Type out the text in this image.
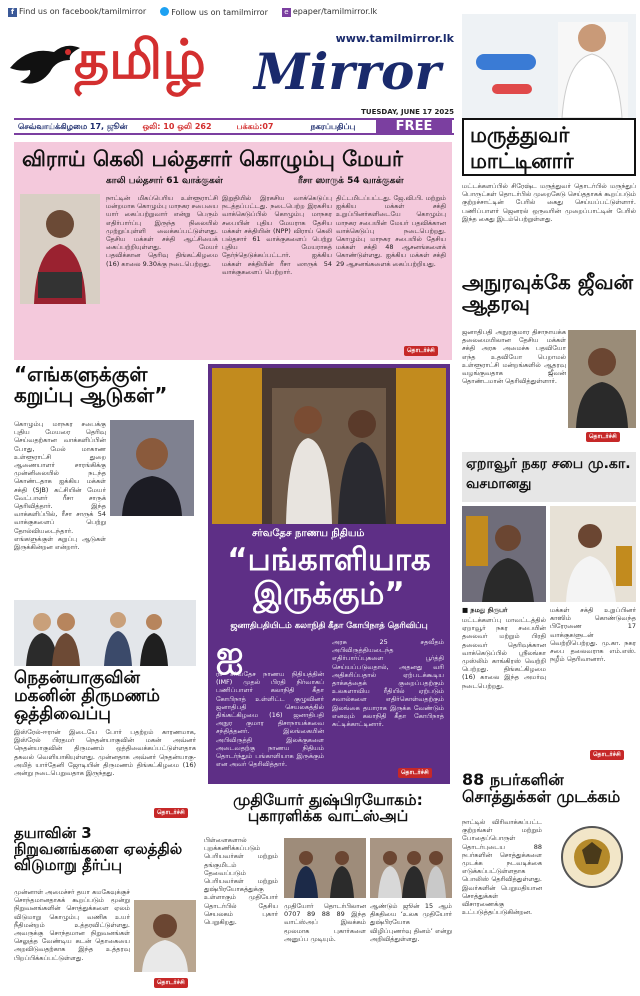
f Find us on facebook/tamilmirror	Follow us on tamilmirror	e epaper/tamilmirror.lk
தமிழ்	www.tamilmirror.lk
Mirror
TUESDAY, JUNE 17 2025
செவ்வாய்க்கிழமை 17, ஜூன்	ஒலி: 10 ஒலி 262	பக்கம்:07	நகரப்பதிப்பு	FREE
விராய் கெலி பல்தசார் கொழும்பு மேயர்
காலி பல்தசார் 61 வாக்குகள்	ரீசா ஸாருக் 54 வாக்குகள்
நாட்டின் மிகப்பெரிய உள்ளூராட்சி மன்றமாக கொழும்பு மாநகர சபையை யார் கைப்பற்றுவார் என்று பெரும் எதிர்பார்ப்பு இருந்த நிலையில் முற்றுப்புள்ளி வைக்கப்பட்டுள்ளது. தேசிய மக்கள் சக்தி ஆட்சியைக் கைப்பற்றியுள்ளது. மேயர் பதவிக்கான தெரிவு திங்கட்கிழமை (16) காலை 9.30க்கு நடைபெற்றது.
இறுதியில் இரகசிய வாக்கெடுப்பு நடத்தப்பட்டது. நடைபெற்ற இரகசிய வாக்கெடுப்பில் கொழும்பு மாநகர சபையின் புதிய மேயராக தேசிய மக்கள் சக்தியின் (NPP) விராய் கெலி பல்தசார் 61 வாக்குகளைப் பெற்று புதிய மேயராகத் தேர்ந்தெடுக்கப்பட்டார். ஐக்கிய மக்கள் சக்தியின் ரீசா ஸாருக் 54 வாக்குகளைப் பெற்றார்.
திட்டமிடப்பட்டது. ஜே.வி.பி. மற்றும் ஐக்கிய மக்கள் சக்தி உறுப்பினர்களிடையே கொழும்பு மாநகர சபையின் மேயர் பதவிக்கான வாக்கெடுப்பு நடைபெற்றது. கொழும்பு மாநகர சபையில் தேசிய மக்கள் சக்தி 48 ஆசனங்களைக் கொண்டுள்ளது. ஐக்கிய மக்கள் சக்தி 29 ஆசனங்களைக் கைப்பற்றியது.
தொடர்ச்சி
“எங்களுக்குள் கறுப்பு ஆடுகள்”
கொழும்பு மாநகர சபைக்கு புதிய மேயரை தெரிவு செய்வதற்கான வாக்களிப்பின் போது, மேல் மாகாண உள்ளூராட்சி துறை ஆணையாளர் சாரங்கிக்கு முன்னிலையில் நடந்த கொண்டதாக ஐக்கிய மக்கள் சக்தி (SJB) கட்சியின் மேயர் வேட்பாளர் ரீசா சாருக் தெரிவித்தார். இந்த வாக்களிப்பில், ரீசா சாருக் 54 வாக்குகளைப் பெற்று தோல்வியடைந்தார். எங்களுக்குள் கறுப்பு ஆடுகள் இருக்கின்றன என்றார்.
சர்வதேச நாணய நிதியம்
“பங்காளியாக
இருக்கும்”
ஜனாதிபதியிடம் கலாநிதி கீதா கோபிநாத் தெரிவிப்பு
ஐ
ரச சர்வதேச நாணய நிதியத்தின் (IMF) முதல் பிரதி நிர்வாகப் பணிப்பாளர் கலாநிதி கீதா கோபிநாத் உள்ளிட்ட குழுவினர் ஜனாதிபதி செயலகத்தில் திங்கட்கிழமை (16) ஜனாதிபதி அநுர குமார திசாநாயக்கவை சந்தித்தனர். இலங்கையின் அபிவிருத்தி இலக்குகளை அடைவதற்கு நாணய நிதியம் தொடர்ந்தும் பங்காளியாக இருக்கும் என அவர் தெரிவித்தார்.
அரசு 25 சதவீதம் அபிவிருத்தியடைந்த எதிர்பார்ப்புகளை பூர்த்தி செய்யப்படுவதால், அதனது வரி அதிகரிப்பதால் ஏற்படக்கூடிய தாக்கத்தைக் குறைப்பதற்கும் உலகளாவிய ரீதியில் ஏற்படும் சவால்களை எதிர்கொள்வதற்கும் இலங்கை தயாராக இருக்க வேண்டும் எனவும் கலாநிதி கீதா கோபிநாத் சுட்டிக்காட்டினார்.
தொடர்ச்சி
நெதன்யாகுவின் மகனின் திருமணம் ஒத்திவைப்பு
இஸ்ரேல்-ஈரான் இடையே போர் பதற்றம் காரணமாக, இஸ்ரேல் பிரதமர் நெதன்யாகுவின் மகன் அவ்னர் நெதன்யாகுவின் திருமணம் ஒத்திவைக்கப்பட்டுள்ளதாக தகவல் வெளியாகியுள்ளது. முன்னதாக அவ்னர் நெதன்யாகு-அமித் யார்தேனி ஜோடியின் திருமணம் திங்கட்கிழமை (16) அன்று நடைபெறுவதாக இருந்தது.
தொடர்ச்சி
தயாவின் 3 நிறுவனங்களை ஏலத்தில் விடுமாறு தீர்ப்பு
முன்னாள் அமைச்சர் தயா கமகேவுக்குச் சொந்தமானதாகக் கூறப்படும் மூன்று நிறுவனங்களின் சொத்துக்களை ஏலம் விடுமாறு கொழும்பு வணிக உயர் நீதிமன்றம் உத்தரவிட்டுள்ளது. அவருக்கு சொந்தமான நிறுவனங்கள் செலுத்த வேண்டிய கடன் தொகையை அறவிடுவதற்காக இந்த உத்தரவு பிறப்பிக்கப்பட்டுள்ளது.
தொடர்ச்சி
முதியோர் துஷ்பிரயோகம்: புகாரளிக்க வாட்ஸ்அப்
பிள்ளைகளால் புறக்கணிக்கப்படும் பெரியவர்கள் மற்றும் தங்குமிடம் தேவைப்படும் பெரியவர்கள் மற்றும் துஷ்பிரயோகத்துக்கு உள்ளாகும் முதியோர் தொடர்பில் தேசிய செயலகம் புகார் பெறுகிறது.
முதியோர் தொடர்பிலான 0707 89 88 89 இந்த வாட்ஸ்அப் இலக்கம் மூலமாக புகார்களை அனுப்ப முடியும்.
ஆண்டும் ஜூன் 15 ஆம் திகதியை ‘உலக முதியோர் துஷ்பிரயோக விழிப்புணர்வு தினம்’ என்று அறிவித்துள்ளது.
மருத்துவர் மாட்டினார்
மட்டக்களப்பில் சிரேஷ்ட மருத்துவர் தொடர்பில் மருந்துப் பொருட்கள் தொடர்பில் முறைகேடு செய்ததாகக் கூறப்படும் குற்றச்சாட்டின் பேரில் கைது செய்யப்பட்டுள்ளார். பணிப்பாளர் ஜெனரல் ஒருவரின் முறைப்பாட்டின் பேரில் இந்த கைது இடம்பெற்றுள்ளது.
அநுரவுக்கே ஜீவன் ஆதரவு
ஜனாதிபதி அநுரகுமார திசாநாயக்க தலைமையிலான தேசிய மக்கள் சக்தி அரசு அமைச்சு பதவியோ எந்த உதவியோ பெறாமல் உள்ளூராட்சி மன்றங்களில் ஆதரவு வழங்குவதாக ஜீவன் தொண்டமான் தெரிவித்துள்ளார்.
தொடர்ச்சி
ஏறாவூர் நகர சபை மு.கா. வசமானது
■ நமது நிருபர்
மட்டக்களப்பு மாவட்டத்தில் ஏறாவூர் நகர சபையின் தலைவர் மற்றும் பிரதி தலைவர் தெரிவுக்கான வாக்கெடுப்பில் ஸ்ரீலங்கா முஸ்லிம் காங்கிரஸ் வெற்றி பெற்றது. திங்கட்கிழமை (16) காலை இந்த அமர்வு நடைபெற்றது.
மக்கள் சக்தி உறுப்பினர் காஸிம் கொண்டுவந்த பிரேரணை 17 வாக்குகளுடன் வெற்றிபெற்றது. மு.கா. நகர சபை தலைவராக எம்.எஸ். நழீம் தெரிவானார்.
தொடர்ச்சி
88 நபர்களின் சொத்துக்கள் முடக்கம்
நாட்டில் விரிவாக்கப்பட்ட குற்றங்கள் மற்றும் போதைப்பொருள் தொடர்புடைய 88 நபர்களின் சொத்துக்களை முடக்க நடவடிக்கை எடுக்கப்பட்டுள்ளதாக பொலிஸ் தெரிவித்துள்ளது. இவர்களின் பெறுமதியான சொத்துக்கள் விசாரணைக்கு உட்படுத்தப்படுகின்றன.
